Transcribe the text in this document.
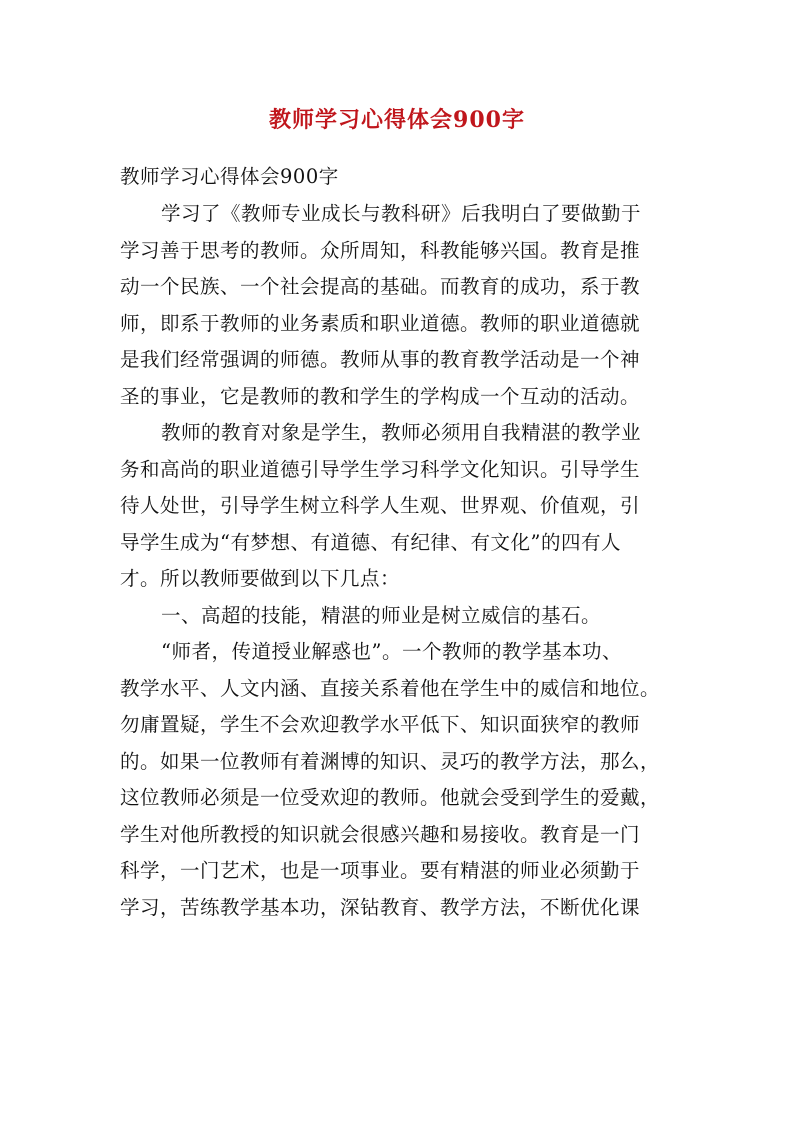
教师学习心得体会900字

教师学习心得体会900字

学习了《教师专业成长与教科研》后我明白了要做勤于
学习善于思考的教师。众所周知，科教能够兴国。教育是推
动一个民族、一个社会提高的基础。而教育的成功，系于教
师，即系于教师的业务素质和职业道德。教师的职业道德就
是我们经常强调的师德。教师从事的教育教学活动是一个神
圣的事业，它是教师的教和学生的学构成一个互动的活动。

教师的教育对象是学生，教师必须用自我精湛的教学业
务和高尚的职业道德引导学生学习科学文化知识。引导学生
待人处世，引导学生树立科学人生观、世界观、价值观，引
导学生成为“有梦想、有道德、有纪律、有文化”的四有人
才。所以教师要做到以下几点：

一、高超的技能，精湛的师业是树立威信的基石。

“师者，传道授业解惑也”。一个教师的教学基本功、
教学水平、人文内涵、直接关系着他在学生中的威信和地位。
勿庸置疑，学生不会欢迎教学水平低下、知识面狭窄的教师
的。如果一位教师有着渊博的知识、灵巧的教学方法，那么，
这位教师必须是一位受欢迎的教师。他就会受到学生的爱戴，
学生对他所教授的知识就会很感兴趣和易接收。教育是一门
科学，一门艺术，也是一项事业。要有精湛的师业必须勤于
学习，苦练教学基本功，深钻教育、教学方法，不断优化课
